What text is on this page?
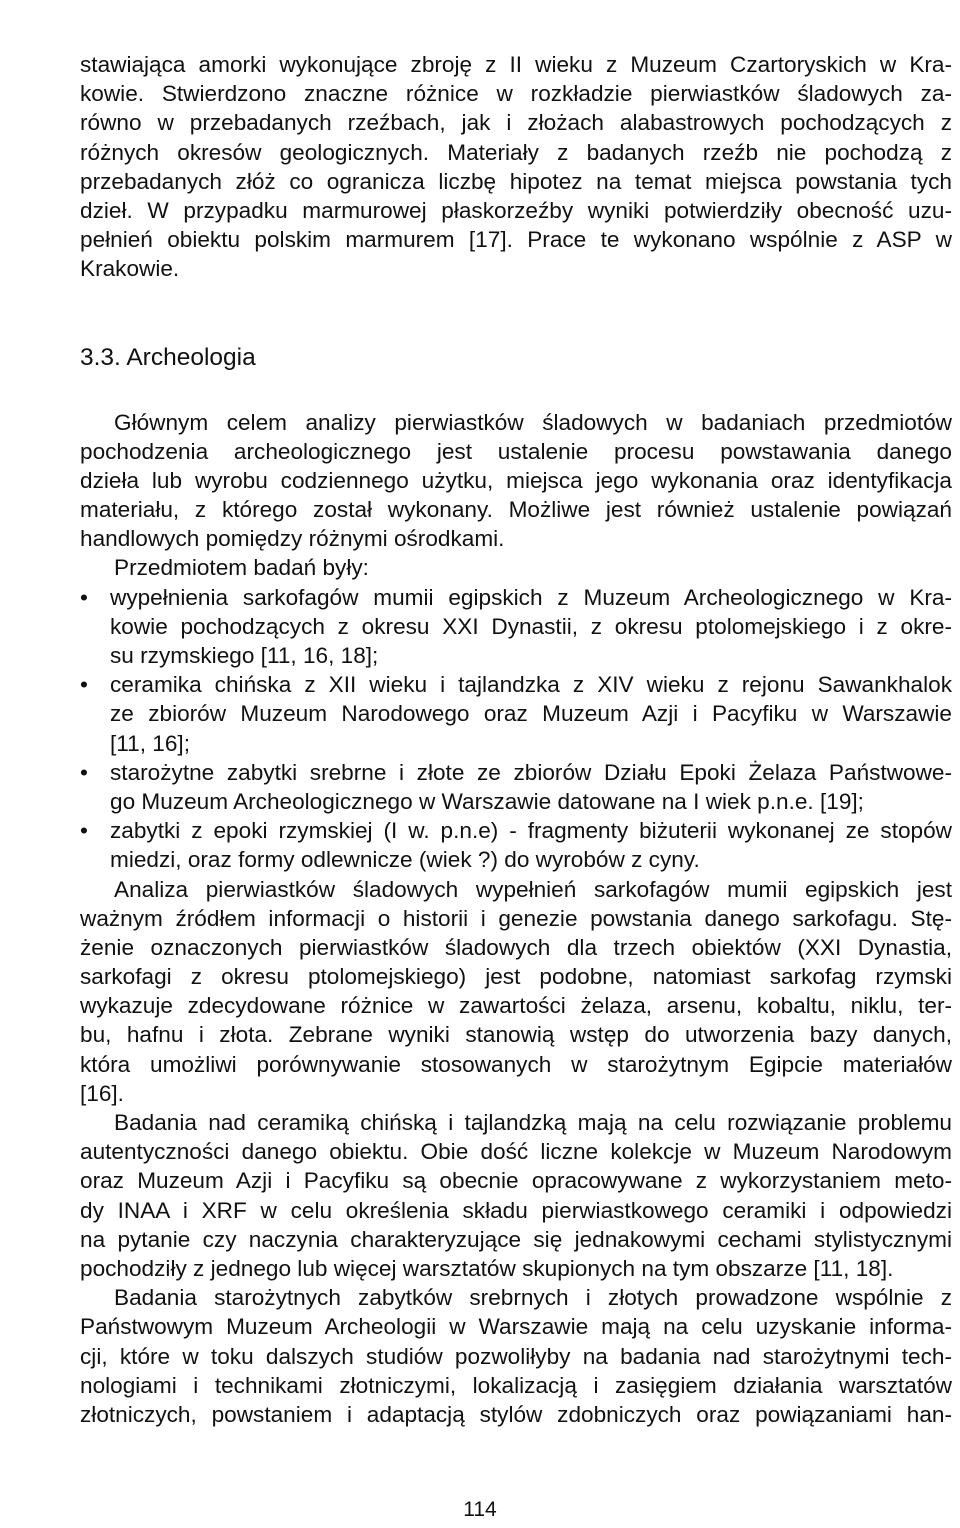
stawiająca amorki wykonujące zbroję z II wieku z Muzeum Czartoryskich w Kra-
kowie. Stwierdzono znaczne różnice w rozkładzie pierwiastków śladowych za-
równo w przebadanych rzeźbach, jak i złożach alabastrowych pochodzących z
różnych okresów geologicznych. Materiały z badanych rzeźb nie pochodzą z
przebadanych złóż co ogranicza liczbę hipotez na temat miejsca powstania tych
dzieł. W przypadku marmurowej płaskorzeźby wyniki potwierdziły obecność uzu-
pełnień obiektu polskim marmurem [17]. Prace te wykonano wspólnie z ASP w
Krakowie.
3.3. Archeologia
Głównym celem analizy pierwiastków śladowych w badaniach przedmiotów
pochodzenia archeologicznego jest ustalenie procesu powstawania danego
dzieła lub wyrobu codziennego użytku, miejsca jego wykonania oraz identyfikacja
materiału, z którego został wykonany. Możliwe jest również ustalenie powiązań
handlowych pomiędzy różnymi ośrodkami.
Przedmiotem badań były:
• wypełnienia sarkofagów mumii egipskich z Muzeum Archeologicznego w Kra-
kowie pochodzących z okresu XXI Dynastii, z okresu ptolomejskiego i z okre-
su rzymskiego [11, 16, 18];
• ceramika chińska z XII wieku i tajlandzka z XIV wieku z rejonu Sawankhalok
ze zbiorów Muzeum Narodowego oraz Muzeum Azji i Pacyfiku w Warszawie
[11, 16];
• starożytne zabytki srebrne i złote ze zbiorów Działu Epoki Żelaza Państwowe-
go Muzeum Archeologicznego w Warszawie datowane na I wiek p.n.e. [19];
• zabytki z epoki rzymskiej (I w. p.n.e) - fragmenty biżuterii wykonanej ze stopów
miedzi, oraz formy odlewnicze (wiek ?) do wyrobów z cyny.
Analiza pierwiastków śladowych wypełnień sarkofagów mumii egipskich jest
ważnym źródłem informacji o historii i genezie powstania danego sarkofagu. Stę-
żenie oznaczonych pierwiastków śladowych dla trzech obiektów (XXI Dynastia,
sarkofagi z okresu ptolomejskiego) jest podobne, natomiast sarkofag rzymski
wykazuje zdecydowane różnice w zawartości żelaza, arsenu, kobaltu, niklu, ter-
bu, hafnu i złota. Zebrane wyniki stanowią wstęp do utworzenia bazy danych,
która umożliwi porównywanie stosowanych w starożytnym Egipcie materiałów
[16].
Badania nad ceramiką chińską i tajlandzką mają na celu rozwiązanie problemu
autentyczności danego obiektu. Obie dość liczne kolekcje w Muzeum Narodowym
oraz Muzeum Azji i Pacyfiku są obecnie opracowywane z wykorzystaniem meto-
dy INAA i XRF w celu określenia składu pierwiastkowego ceramiki i odpowiedzi
na pytanie czy naczynia charakteryzujące się jednakowymi cechami stylistycznymi
pochodziły z jednego lub więcej warsztatów skupionych na tym obszarze [11, 18].
Badania starożytnych zabytków srebrnych i złotych prowadzone wspólnie z
Państwowym Muzeum Archeologii w Warszawie mają na celu uzyskanie informa-
cji, które w toku dalszych studiów pozwoliłyby na badania nad starożytnymi tech-
nologiami i technikami złotniczymi, lokalizacją i zasięgiem działania warsztatów
złotniczych, powstaniem i adaptacją stylów zdobniczych oraz powiązaniami han-
114
